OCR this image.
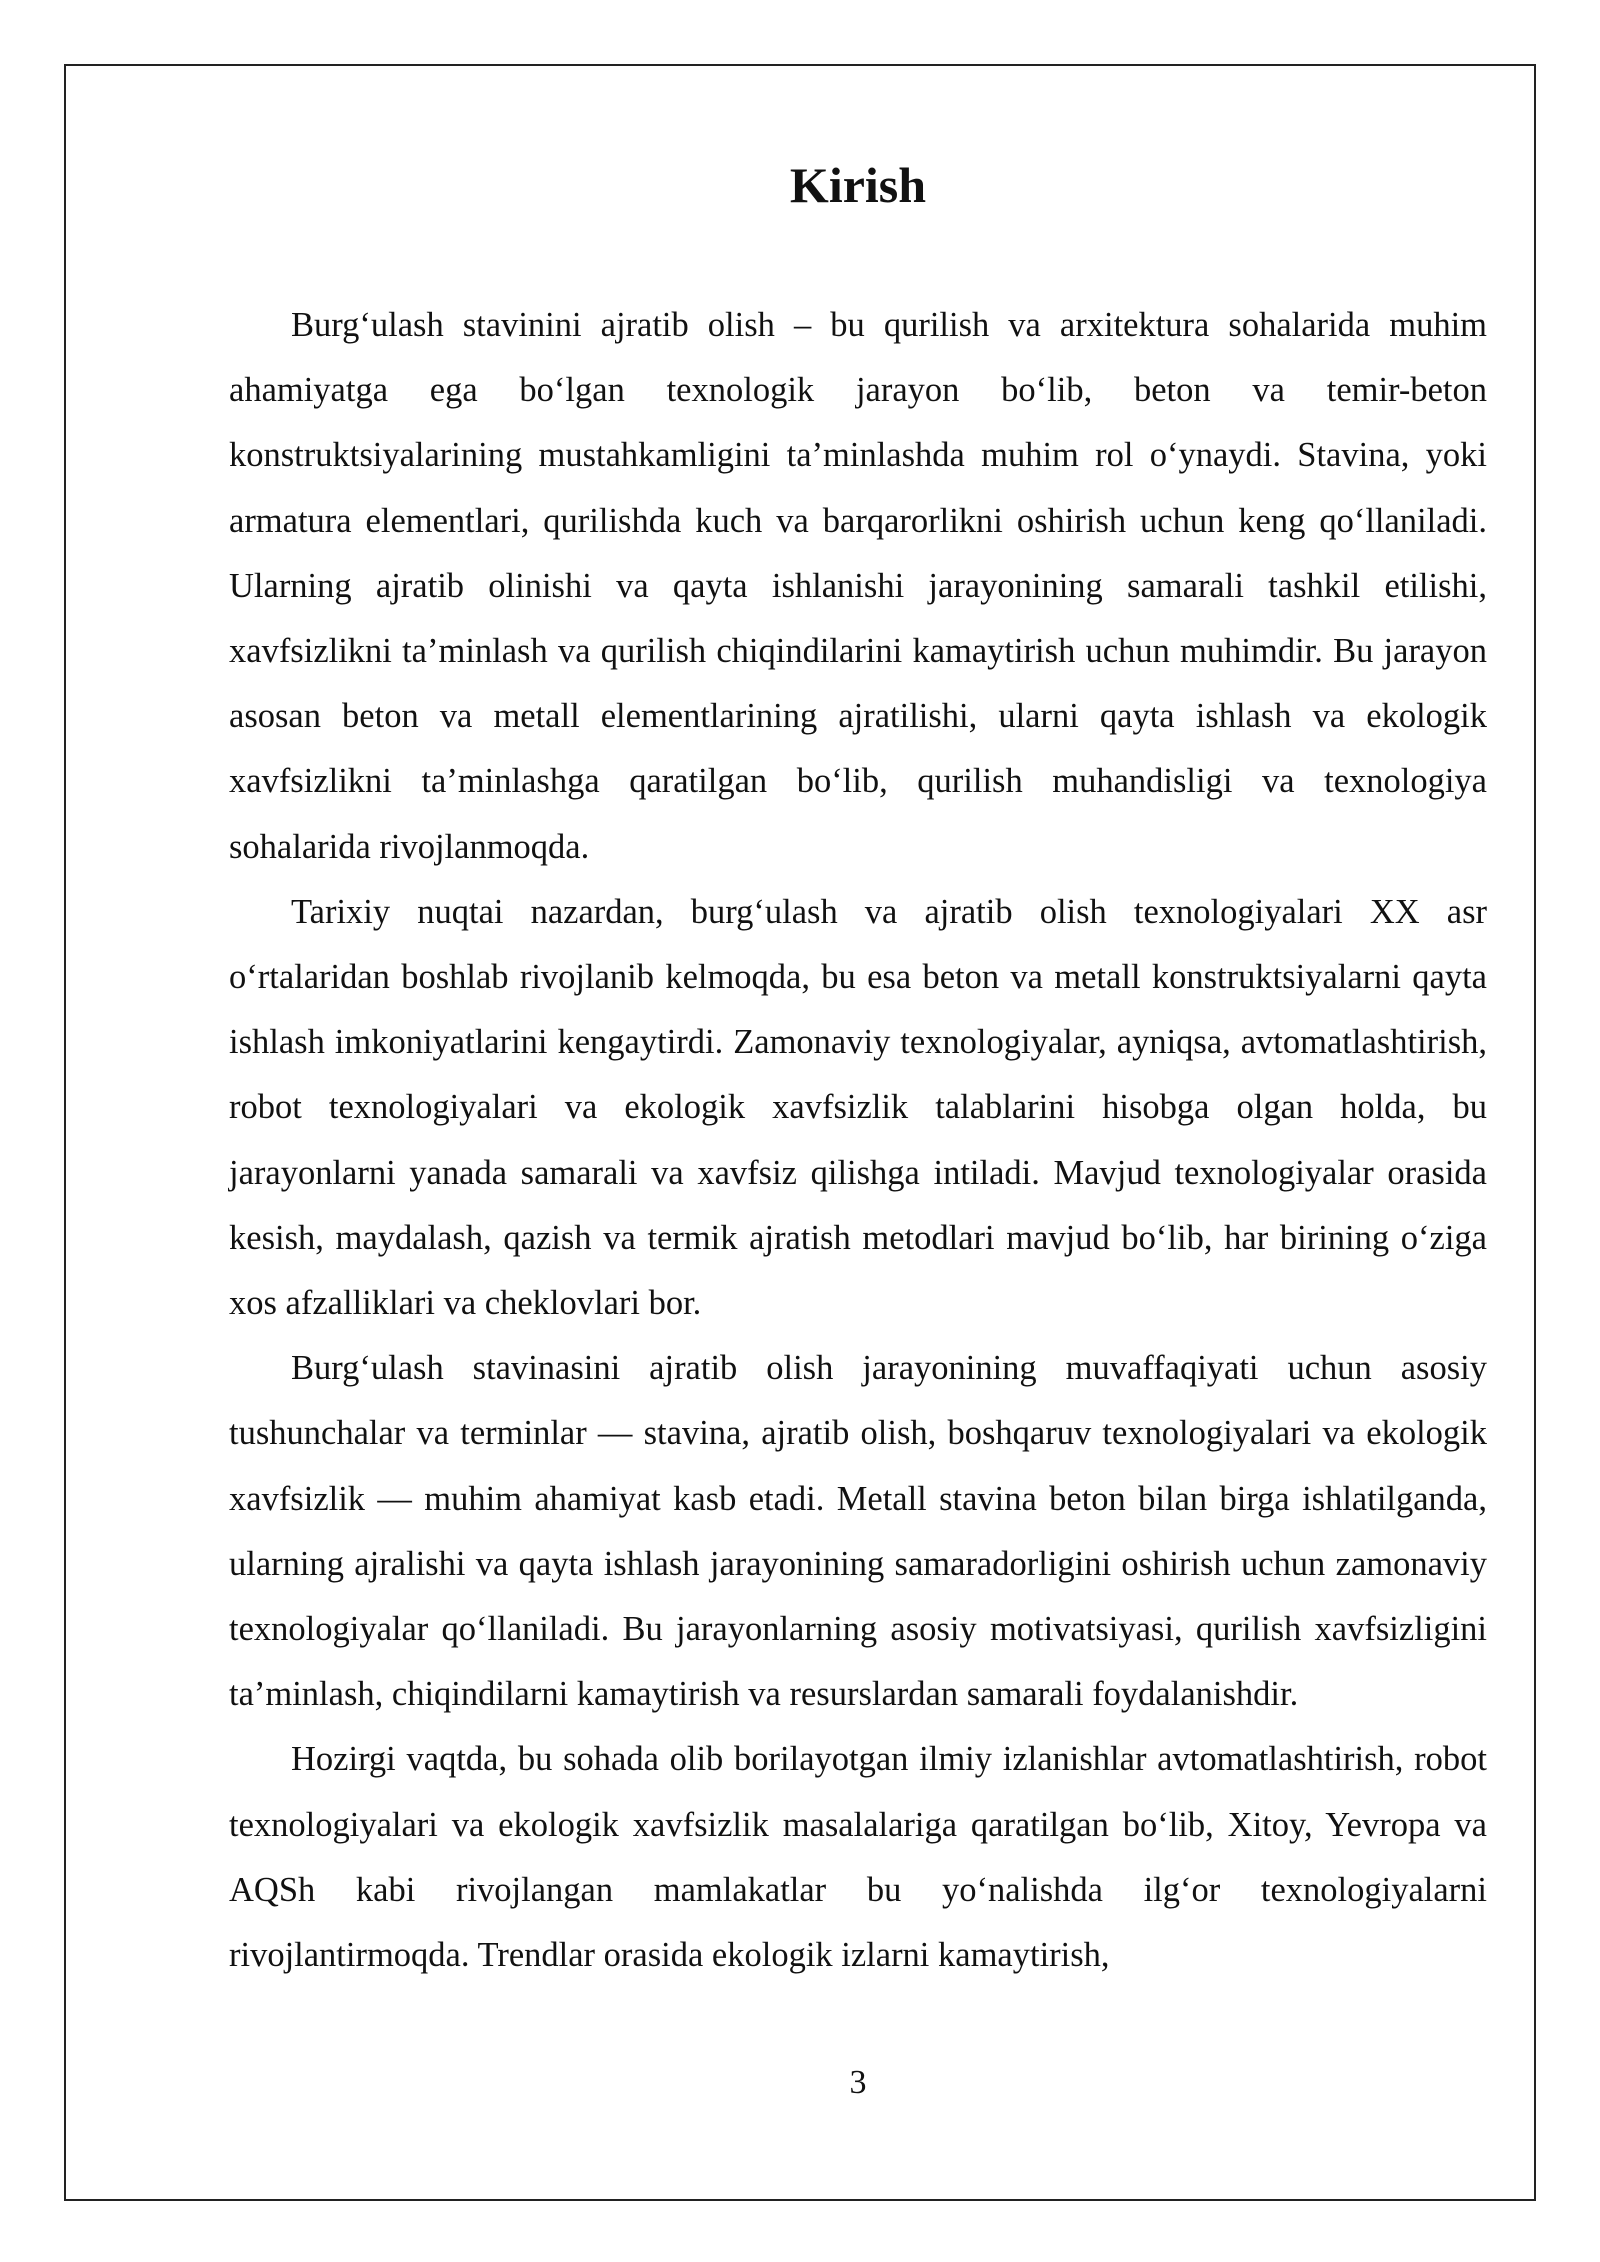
Kirish

Burg‘ulash stavinini ajratib olish – bu qurilish va arxitektura sohalarida muhim ahamiyatga ega bo‘lgan texnologik jarayon bo‘lib, beton va temir-beton konstruktsiyalarining mustahkamligini ta’minlashda muhim rol o‘ynaydi. Stavina, yoki armatura elementlari, qurilishda kuch va barqarorlikni oshirish uchun keng qo‘llaniladi. Ularning ajratib olinishi va qayta ishlanishi jarayonining samarali tashkil etilishi, xavfsizlikni ta’minlash va qurilish chiqindilarini kamaytirish uchun muhimdir. Bu jarayon asosan beton va metall elementlarining ajratilishi, ularni qayta ishlash va ekologik xavfsizlikni ta’minlashga qaratilgan bo‘lib, qurilish muhandisligi va texnologiya sohalarida rivojlanmoqda.

Tarixiy nuqtai nazardan, burg‘ulash va ajratib olish texnologiyalari XX asr o‘rtalaridan boshlab rivojlanib kelmoqda, bu esa beton va metall konstruktsiyalarni qayta ishlash imkoniyatlarini kengaytirdi. Zamonaviy texnologiyalar, ayniqsa, avtomatlashtirish, robot texnologiyalari va ekologik xavfsizlik talablarini hisobga olgan holda, bu jarayonlarni yanada samarali va xavfsiz qilishga intiladi. Mavjud texnologiyalar orasida kesish, maydalash, qazish va termik ajratish metodlari mavjud bo‘lib, har birining o‘ziga xos afzalliklari va cheklovlari bor.

Burg‘ulash stavinasini ajratib olish jarayonining muvaffaqiyati uchun asosiy tushunchalar va terminlar — stavina, ajratib olish, boshqaruv texnologiyalari va ekologik xavfsizlik — muhim ahamiyat kasb etadi. Metall stavina beton bilan birga ishlatilganda, ularning ajralishi va qayta ishlash jarayonining samaradorligini oshirish uchun zamonaviy texnologiyalar qo‘llaniladi. Bu jarayonlarning asosiy motivatsiyasi, qurilish xavfsizligini ta’minlash, chiqindilarni kamaytirish va resurslardan samarali foydalanishdir.

Hozirgi vaqtda, bu sohada olib borilayotgan ilmiy izlanishlar avtomatlashtirish, robot texnologiyalari va ekologik xavfsizlik masalalariga qaratilgan bo‘lib, Xitoy, Yevropa va AQSh kabi rivojlangan mamlakatlar bu yo‘nalishda ilg‘or texnologiyalarni rivojlantirmoqda. Trendlar orasida ekologik izlarni kamaytirish,

3
